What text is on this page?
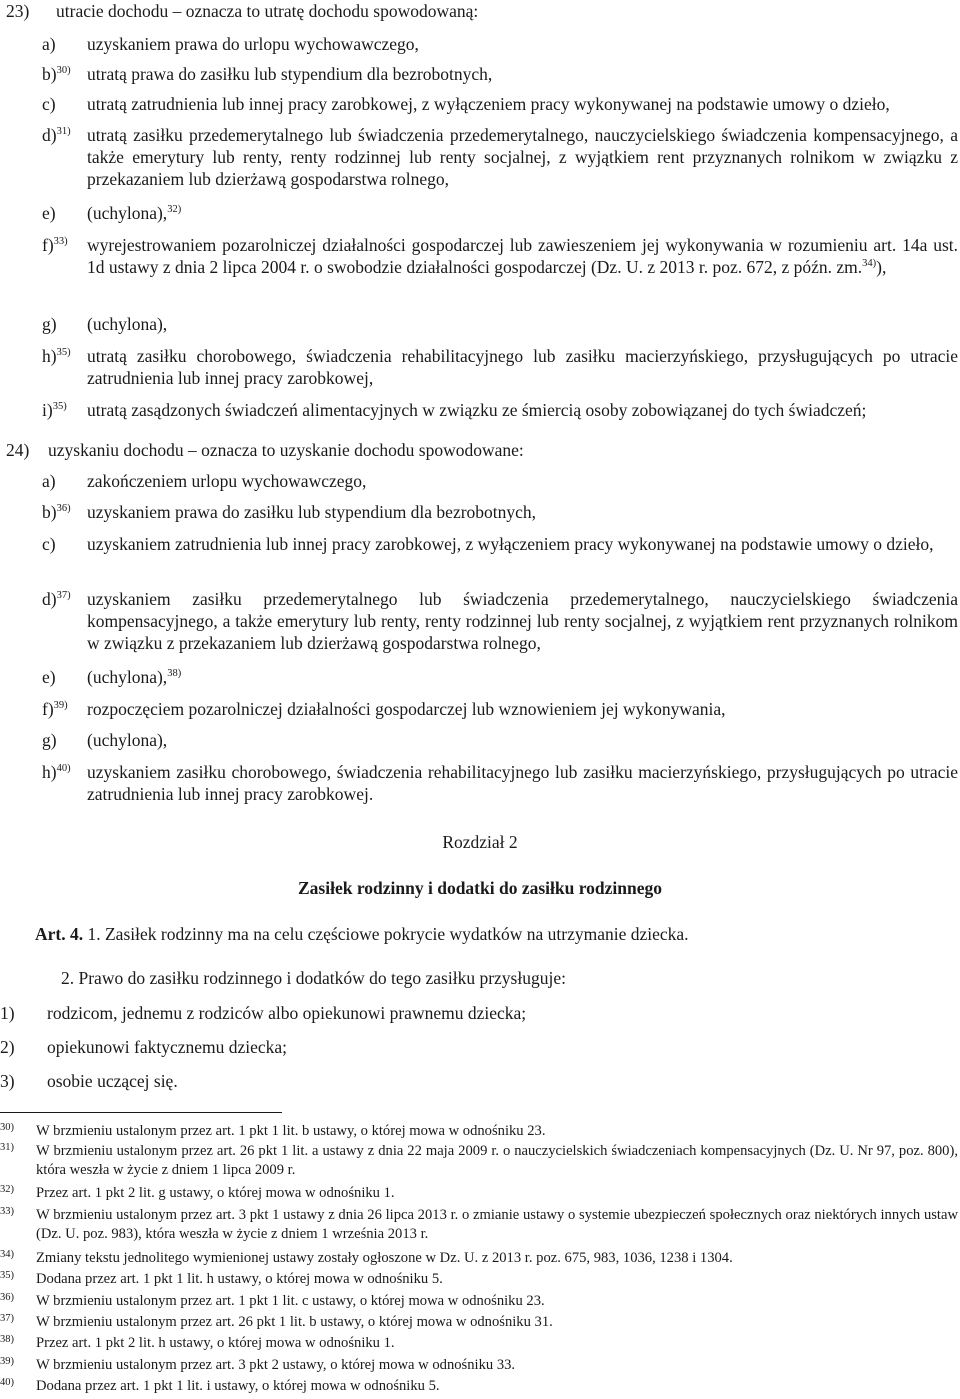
23) utracie dochodu – oznacza to utratę dochodu spowodowaną:
a) uzyskaniem prawa do urlopu wychowawczego,
b)$^{30)}$ utratą prawa do zasiłku lub stypendium dla bezrobotnych,
c) utratą zatrudnienia lub innej pracy zarobkowej, z wyłączeniem pracy wykonywanej na podstawie umowy o dzieło,
d)$^{31)}$ utratą zasiłku przedemerytalnego lub świadczenia przedemerytalnego, nauczycielskiego świadczenia kompensacyjnego, a także emerytury lub renty, renty rodzinnej lub renty socjalnej, z wyjątkiem rent przyznanych rolnikom w związku z przekazaniem lub dzierżawą gospodarstwa rolnego,
e) (uchylona),$^{32)}$
f)$^{33)}$ wyrejestrowaniem pozarolniczej działalności gospodarczej lub zawieszeniem jej wykonywania w rozumieniu art. 14a ust. 1d ustawy z dnia 2 lipca 2004 r. o swobodzie działalności gospodarczej (Dz. U. z 2013 r. poz. 672, z późn. zm.$^{34)}$),
g) (uchylona),
h)$^{35)}$ utratą zasiłku chorobowego, świadczenia rehabilitacyjnego lub zasiłku macierzyńskiego, przysługujących po utracie zatrudnienia lub innej pracy zarobkowej,
i)$^{35)}$ utratą zasądzonych świadczeń alimentacyjnych w związku ze śmiercią osoby zobowiązanej do tych świadczeń;
24) uzyskaniu dochodu – oznacza to uzyskanie dochodu spowodowane:
a) zakończeniem urlopu wychowawczego,
b)$^{36)}$ uzyskaniem prawa do zasiłku lub stypendium dla bezrobotnych,
c) uzyskaniem zatrudnienia lub innej pracy zarobkowej, z wyłączeniem pracy wykonywanej na podstawie umowy o dzieło,
d)$^{37)}$ uzyskaniem zasiłku przedemerytalnego lub świadczenia przedemerytalnego, nauczycielskiego świadczenia kompensacyjnego, a także emerytury lub renty, renty rodzinnej lub renty socjalnej, z wyjątkiem rent przyznanych rolnikom w związku z przekazaniem lub dzierżawą gospodarstwa rolnego,
e) (uchylona),$^{38)}$
f)$^{39)}$ rozpoczęciem pozarolniczej działalności gospodarczej lub wznowieniem jej wykonywania,
g) (uchylona),
h)$^{40)}$ uzyskaniem zasiłku chorobowego, świadczenia rehabilitacyjnego lub zasiłku macierzyńskiego, przysługujących po utracie zatrudnienia lub innej pracy zarobkowej.
Rozdział 2
Zasiłek rodzinny i dodatki do zasiłku rodzinnego
Art. 4. 1. Zasiłek rodzinny ma na celu częściowe pokrycie wydatków na utrzymanie dziecka.
2. Prawo do zasiłku rodzinnego i dodatków do tego zasiłku przysługuje:
1) rodzicom, jednemu z rodziców albo opiekunowi prawnemu dziecka;
2) opiekunowi faktycznemu dziecka;
3) osobie uczącej się.
30) W brzmieniu ustalonym przez art. 1 pkt 1 lit. b ustawy, o której mowa w odnośniku 23.
31) W brzmieniu ustalonym przez art. 26 pkt 1 lit. a ustawy z dnia 22 maja 2009 r. o nauczycielskich świadczeniach kompensacyjnych (Dz. U. Nr 97, poz. 800), która weszła w życie z dniem 1 lipca 2009 r.
32) Przez art. 1 pkt 2 lit. g ustawy, o której mowa w odnośniku 1.
33) W brzmieniu ustalonym przez art. 3 pkt 1 ustawy z dnia 26 lipca 2013 r. o zmianie ustawy o systemie ubezpieczeń społecznych oraz niektórych innych ustaw (Dz. U. poz. 983), która weszła w życie z dniem 1 września 2013 r.
34) Zmiany tekstu jednolitego wymienionej ustawy zostały ogłoszone w Dz. U. z 2013 r. poz. 675, 983, 1036, 1238 i 1304.
35) Dodana przez art. 1 pkt 1 lit. h ustawy, o której mowa w odnośniku 5.
36) W brzmieniu ustalonym przez art. 1 pkt 1 lit. c ustawy, o której mowa w odnośniku 23.
37) W brzmieniu ustalonym przez art. 26 pkt 1 lit. b ustawy, o której mowa w odnośniku 31.
38) Przez art. 1 pkt 2 lit. h ustawy, o której mowa w odnośniku 1.
39) W brzmieniu ustalonym przez art. 3 pkt 2 ustawy, o której mowa w odnośniku 33.
40) Dodana przez art. 1 pkt 1 lit. i ustawy, o której mowa w odnośniku 5.
